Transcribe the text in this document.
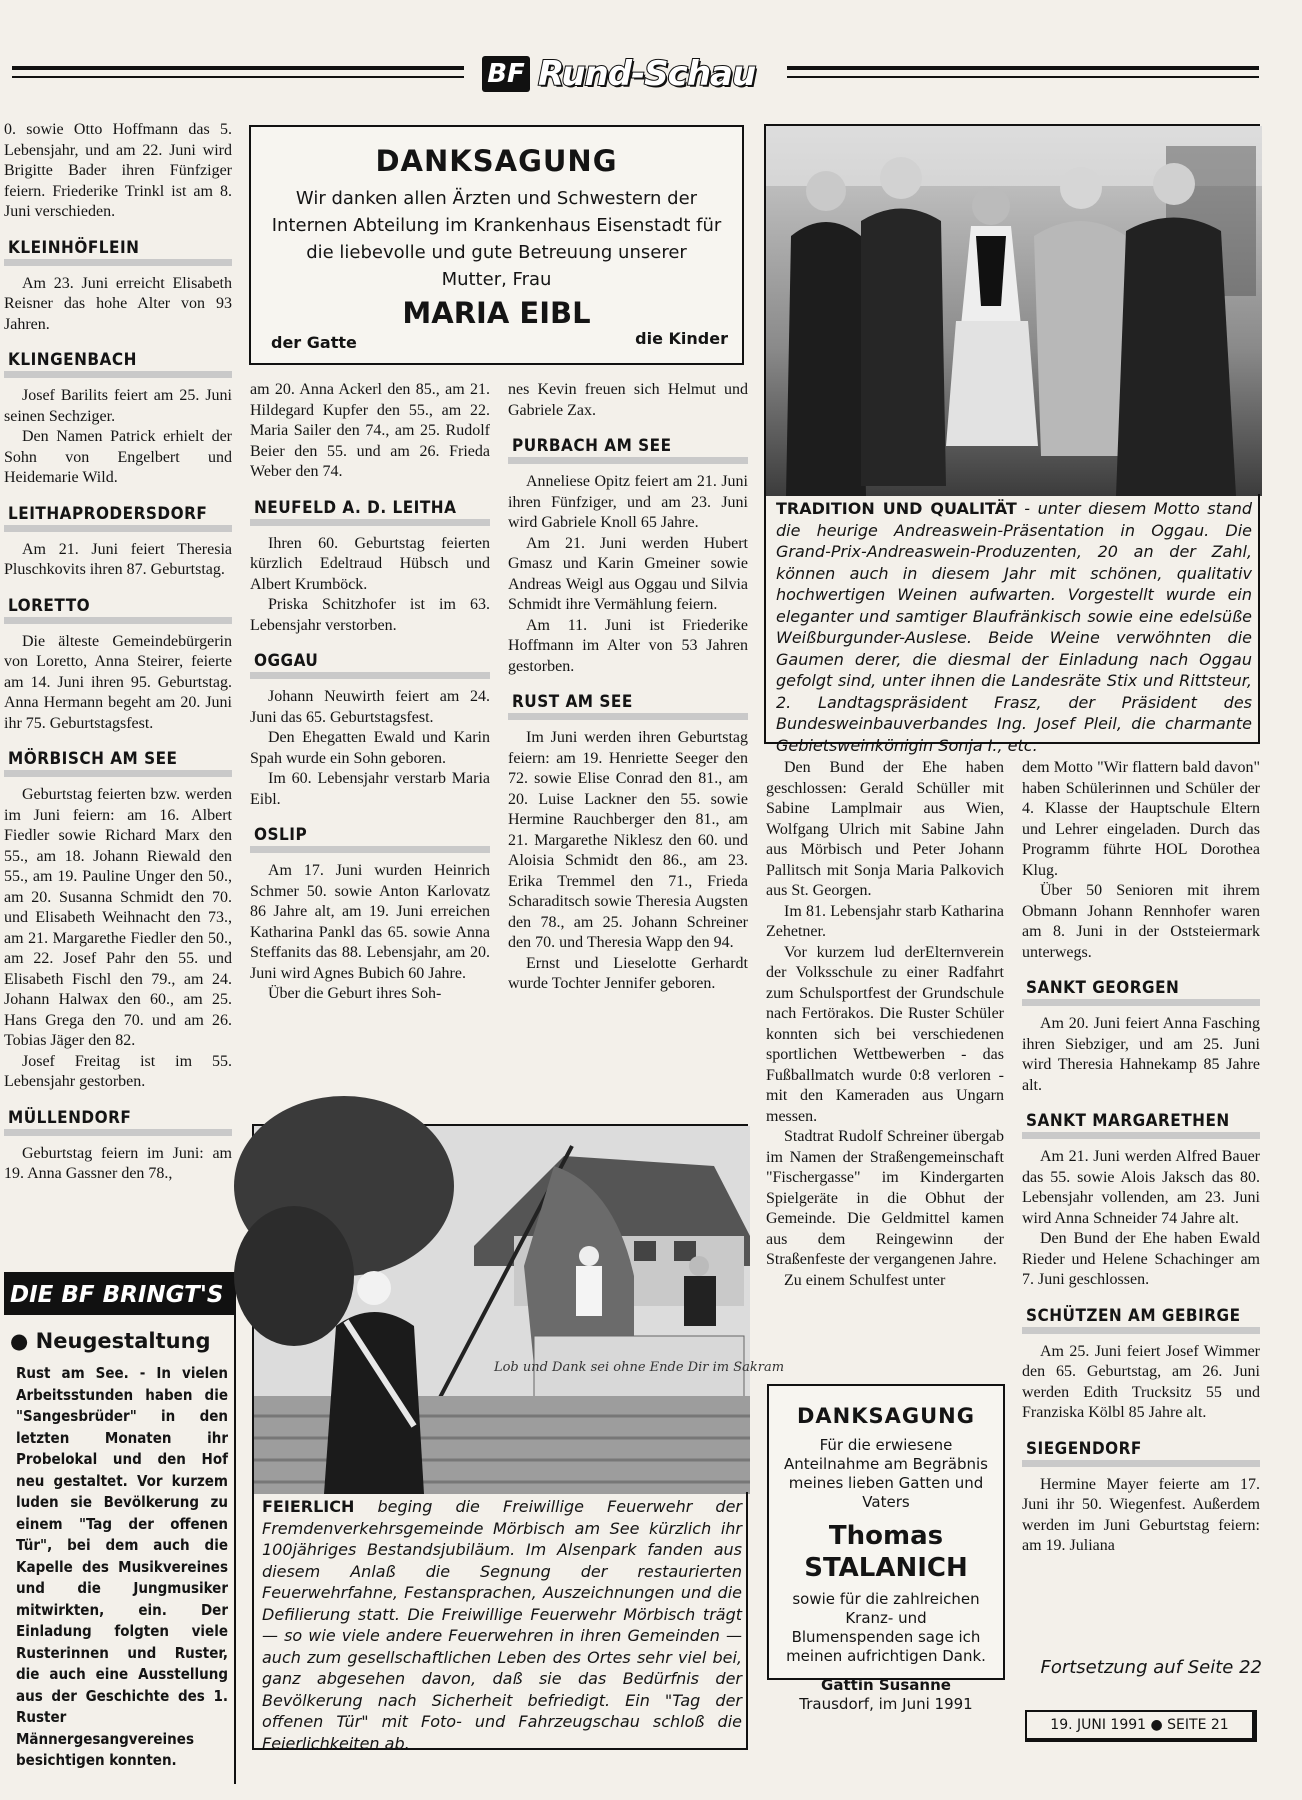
BF Rund-Schau

0. sowie Otto Hoffmann das 5. Lebensjahr, und am 22. Juni wird Brigitte Bader ihren Fünfziger feiern. Friederike Trinkl ist am 8. Juni verschieden.

KLEINHÖFLEIN

Am 23. Juni erreicht Elisabeth Reisner das hohe Alter von 93 Jahren.

KLINGENBACH

Josef Barilits feiert am 25. Juni seinen Sechziger.

Den Namen Patrick erhielt der Sohn von Engelbert und Heidemarie Wild.

LEITHAPRODERSDORF

Am 21. Juni feiert Theresia Pluschkovits ihren 87. Geburtstag.

LORETTO

Die älteste Gemeindebürgerin von Loretto, Anna Steirer, feierte am 14. Juni ihren 95. Geburtstag. Anna Hermann begeht am 20. Juni ihr 75. Geburtstagsfest.

MÖRBISCH AM SEE

Geburtstag feierten bzw. werden im Juni feiern: am 16. Albert Fiedler sowie Richard Marx den 55., am 18. Johann Riewald den 55., am 19. Pauline Unger den 50., am 20. Susanna Schmidt den 70. und Elisabeth Weihnacht den 73., am 21. Margarethe Fiedler den 50., am 22. Josef Pahr den 55. und Elisabeth Fischl den 79., am 24. Johann Halwax den 60., am 25. Hans Grega den 70. und am 26. Tobias Jäger den 82.

Josef Freitag ist im 55. Lebensjahr gestorben.

MÜLLENDORF

Geburtstag feiern im Juni: am 19. Anna Gassner den 78.,

DIE BF BRINGT'S
● Neugestaltung
Rust am See. - In vielen Arbeitsstunden haben die "Sangesbrüder" in den letzten Monaten ihr Probelokal und den Hof neu gestaltet. Vor kurzem luden sie Bevölkerung zu einem "Tag der offenen Tür", bei dem auch die Kapelle des Musikvereines und die Jungmusiker mitwirkten, ein. Der Einladung folgten viele Rusterinnen und Ruster, die auch eine Ausstellung aus der Geschichte des 1. Ruster Männergesangvereines besichtigen konnten.
DANKSAGUNG
Wir danken allen Ärzten und Schwestern der Internen Abteilung im Krankenhaus Eisenstadt für die liebevolle und gute Betreuung unserer Mutter, Frau
MARIA EIBL
der Gatte	die Kinder

am 20. Anna Ackerl den 85., am 21. Hildegard Kupfer den 55., am 22. Maria Sailer den 74., am 25. Rudolf Beier den 55. und am 26. Frieda Weber den 74.

NEUFELD A. D. LEITHA

Ihren 60. Geburtstag feierten kürzlich Edeltraud Hübsch und Albert Krumböck.

Priska Schitzhofer ist im 63. Lebensjahr verstorben.

OGGAU

Johann Neuwirth feiert am 24. Juni das 65. Geburtstagsfest.

Den Ehegatten Ewald und Karin Spah wurde ein Sohn geboren.

Im 60. Lebensjahr verstarb Maria Eibl.

OSLIP

Am 17. Juni wurden Heinrich Schmer 50. sowie Anton Karlovatz 86 Jahre alt, am 19. Juni erreichen Katharina Pankl das 65. sowie Anna Steffanits das 88. Lebensjahr, am 20. Juni wird Agnes Bubich 60 Jahre.

Über die Geburt ihres Soh-

nes Kevin freuen sich Helmut und Gabriele Zax.

PURBACH AM SEE

Anneliese Opitz feiert am 21. Juni ihren Fünfziger, und am 23. Juni wird Gabriele Knoll 65 Jahre.

Am 21. Juni werden Hubert Gmasz und Karin Gmeiner sowie Andreas Weigl aus Oggau und Silvia Schmidt ihre Vermählung feiern.

Am 11. Juni ist Friederike Hoffmann im Alter von 53 Jahren gestorben.

RUST AM SEE

Im Juni werden ihren Geburtstag feiern: am 19. Henriette Seeger den 72. sowie Elise Conrad den 81., am 20. Luise Lackner den 55. sowie Hermine Rauchberger den 81., am 21. Margarethe Niklesz den 60. und Aloisia Schmidt den 86., am 23. Erika Tremmel den 71., Frieda Scharaditsch sowie Theresia Augsten den 78., am 25. Johann Schreiner den 70. und Theresia Wapp den 94.

Ernst und Lieselotte Gerhardt wurde Tochter Jennifer geboren.

TRADITION UND QUALITÄT - unter diesem Motto stand die heurige Andreaswein-Präsentation in Oggau. Die Grand-Prix-Andreaswein-Produzenten, 20 an der Zahl, können auch in diesem Jahr mit schönen, qualitativ hochwertigen Weinen aufwarten. Vorgestellt wurde ein eleganter und samtiger Blaufränkisch sowie eine edelsüße Weißburgunder-Auslese. Beide Weine verwöhnten die Gaumen derer, die diesmal der Einladung nach Oggau gefolgt sind, unter ihnen die Landesräte Stix und Rittsteur, 2. Landtagspräsident Frasz, der Präsident des Bundesweinbauverbandes Ing. Josef Pleil, die charmante Gebietsweinkönigin Sonja I., etc.

Den Bund der Ehe haben geschlossen: Gerald Schüller mit Sabine Lamplmair aus Wien, Wolfgang Ulrich mit Sabine Jahn aus Mörbisch und Peter Johann Pallitsch mit Sonja Maria Palkovich aus St. Georgen.

Im 81. Lebensjahr starb Katharina Zehetner.

Vor kurzem lud derElternverein der Volksschule zu einer Radfahrt zum Schulsportfest der Grundschule nach Fertörakos. Die Ruster Schüler konnten sich bei verschiedenen sportlichen Wettbewerben - das Fußballmatch wurde 0:8 verloren - mit den Kameraden aus Ungarn messen.

Stadtrat Rudolf Schreiner übergab im Namen der Straßengemeinschaft "Fischergasse" im Kindergarten Spielgeräte in die Obhut der Gemeinde. Die Geldmittel kamen aus dem Reingewinn der Straßenfeste der vergangenen Jahre.

Zu einem Schulfest unter

dem Motto "Wir flattern bald davon" haben Schülerinnen und Schüler der 4. Klasse der Hauptschule Eltern und Lehrer eingeladen. Durch das Programm führte HOL Dorothea Klug.

Über 50 Senioren mit ihrem Obmann Johann Rennhofer waren am 8. Juni in der Oststeiermark unterwegs.

SANKT GEORGEN

Am 20. Juni feiert Anna Fasching ihren Siebziger, und am 25. Juni wird Theresia Hahnekamp 85 Jahre alt.

SANKT MARGARETHEN

Am 21. Juni werden Alfred Bauer das 55. sowie Alois Jaksch das 80. Lebensjahr vollenden, am 23. Juni wird Anna Schneider 74 Jahre alt.

Den Bund der Ehe haben Ewald Rieder und Helene Schachinger am 7. Juni geschlossen.

SCHÜTZEN AM GEBIRGE

Am 25. Juni feiert Josef Wimmer den 65. Geburtstag, am 26. Juni werden Edith Trucksitz 55 und Franziska Kölbl 85 Jahre alt.

SIEGENDORF

Hermine Mayer feierte am 17. Juni ihr 50. Wiegenfest. Außerdem werden im Juni Geburtstag feiern: am 19. Juliana

Fortsetzung auf Seite 22
Lob und Dank sei ohne Ende Dir im Sakram
FEIERLICH beging die Freiwillige Feuerwehr der Fremdenverkehrsgemeinde Mörbisch am See kürzlich ihr 100jähriges Bestandsjubiläum. Im Alsenpark fanden aus diesem Anlaß die Segnung der restaurierten Feuerwehrfahne, Festansprachen, Auszeichnungen und die Defilierung statt. Die Freiwillige Feuerwehr Mörbisch trägt — so wie viele andere Feuerwehren in ihren Gemeinden — auch zum gesellschaftlichen Leben des Ortes sehr viel bei, ganz abgesehen davon, daß sie das Bedürfnis der Bevölkerung nach Sicherheit befriedigt. Ein "Tag der offenen Tür" mit Foto- und Fahrzeugschau schloß die Feierlichkeiten ab.
DANKSAGUNG
Für die erwiesene Anteilnahme am Begräbnis meines lieben Gatten und Vaters
Thomas
STALANICH
sowie für die zahlreichen Kranz- und Blumenspenden sage ich meinen aufrichtigen Dank.
Gattin Susanne
Trausdorf, im Juni 1991
19. JUNI 1991 ● SEITE 21
